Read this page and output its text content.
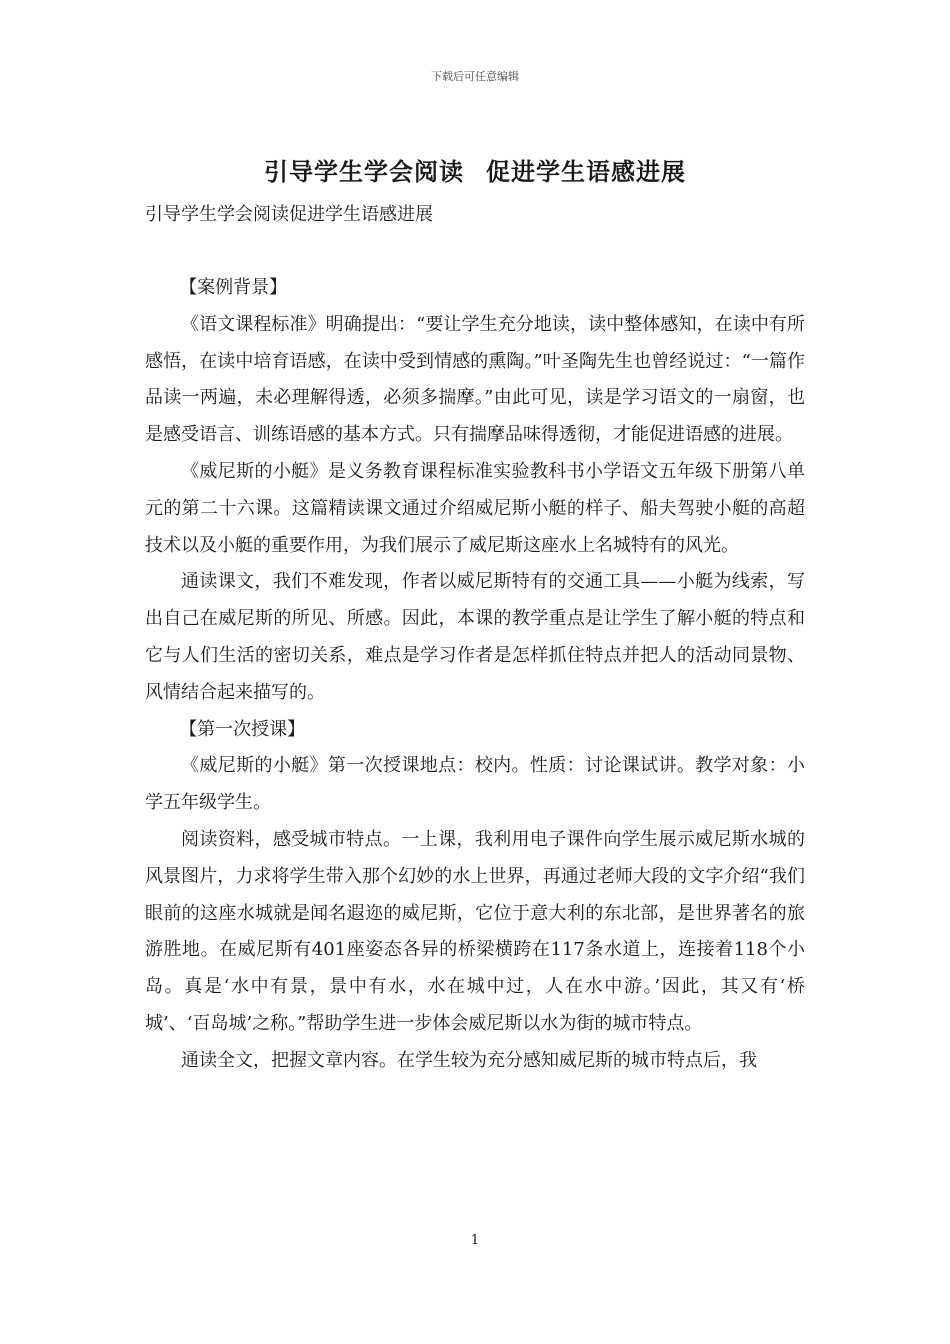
下载后可任意编辑
引导学生学会阅读 促进学生语感进展
引导学生学会阅读促进学生语感进展

【案例背景】

《语文课程标准》明确提出：“要让学生充分地读，读中整体感知，在读中有所感悟，在读中培育语感，在读中受到情感的熏陶。”叶圣陶先生也曾经说过：“一篇作品读一两遍，未必理解得透，必须多揣摩。”由此可见，读是学习语文的一扇窗，也是感受语言、训练语感的基本方式。只有揣摩品味得透彻，才能促进语感的进展。

《威尼斯的小艇》是义务教育课程标准实验教科书小学语文五年级下册第八单元的第二十六课。这篇精读课文通过介绍威尼斯小艇的样子、船夫驾驶小艇的高超技术以及小艇的重要作用，为我们展示了威尼斯这座水上名城特有的风光。

通读课文，我们不难发现，作者以威尼斯特有的交通工具——小艇为线索，写出自己在威尼斯的所见、所感。因此，本课的教学重点是让学生了解小艇的特点和它与人们生活的密切关系，难点是学习作者是怎样抓住特点并把人的活动同景物、风情结合起来描写的。

【第一次授课】

《威尼斯的小艇》第一次授课地点：校内。性质：讨论课试讲。教学对象：小学五年级学生。

阅读资料，感受城市特点。一上课，我利用电子课件向学生展示威尼斯水城的风景图片，力求将学生带入那个幻妙的水上世界，再通过老师大段的文字介绍“我们眼前的这座水城就是闻名遐迩的威尼斯，它位于意大利的东北部，是世界著名的旅游胜地。在威尼斯有401座姿态各异的桥梁横跨在117条水道上，连接着118个小岛。真是‘水中有景，景中有水，水在城中过，人在水中游。’因此，其又有‘桥城’、‘百岛城’之称。”帮助学生进一步体会威尼斯以水为街的城市特点。

通读全文，把握文章内容。在学生较为充分感知威尼斯的城市特点后，我

1
